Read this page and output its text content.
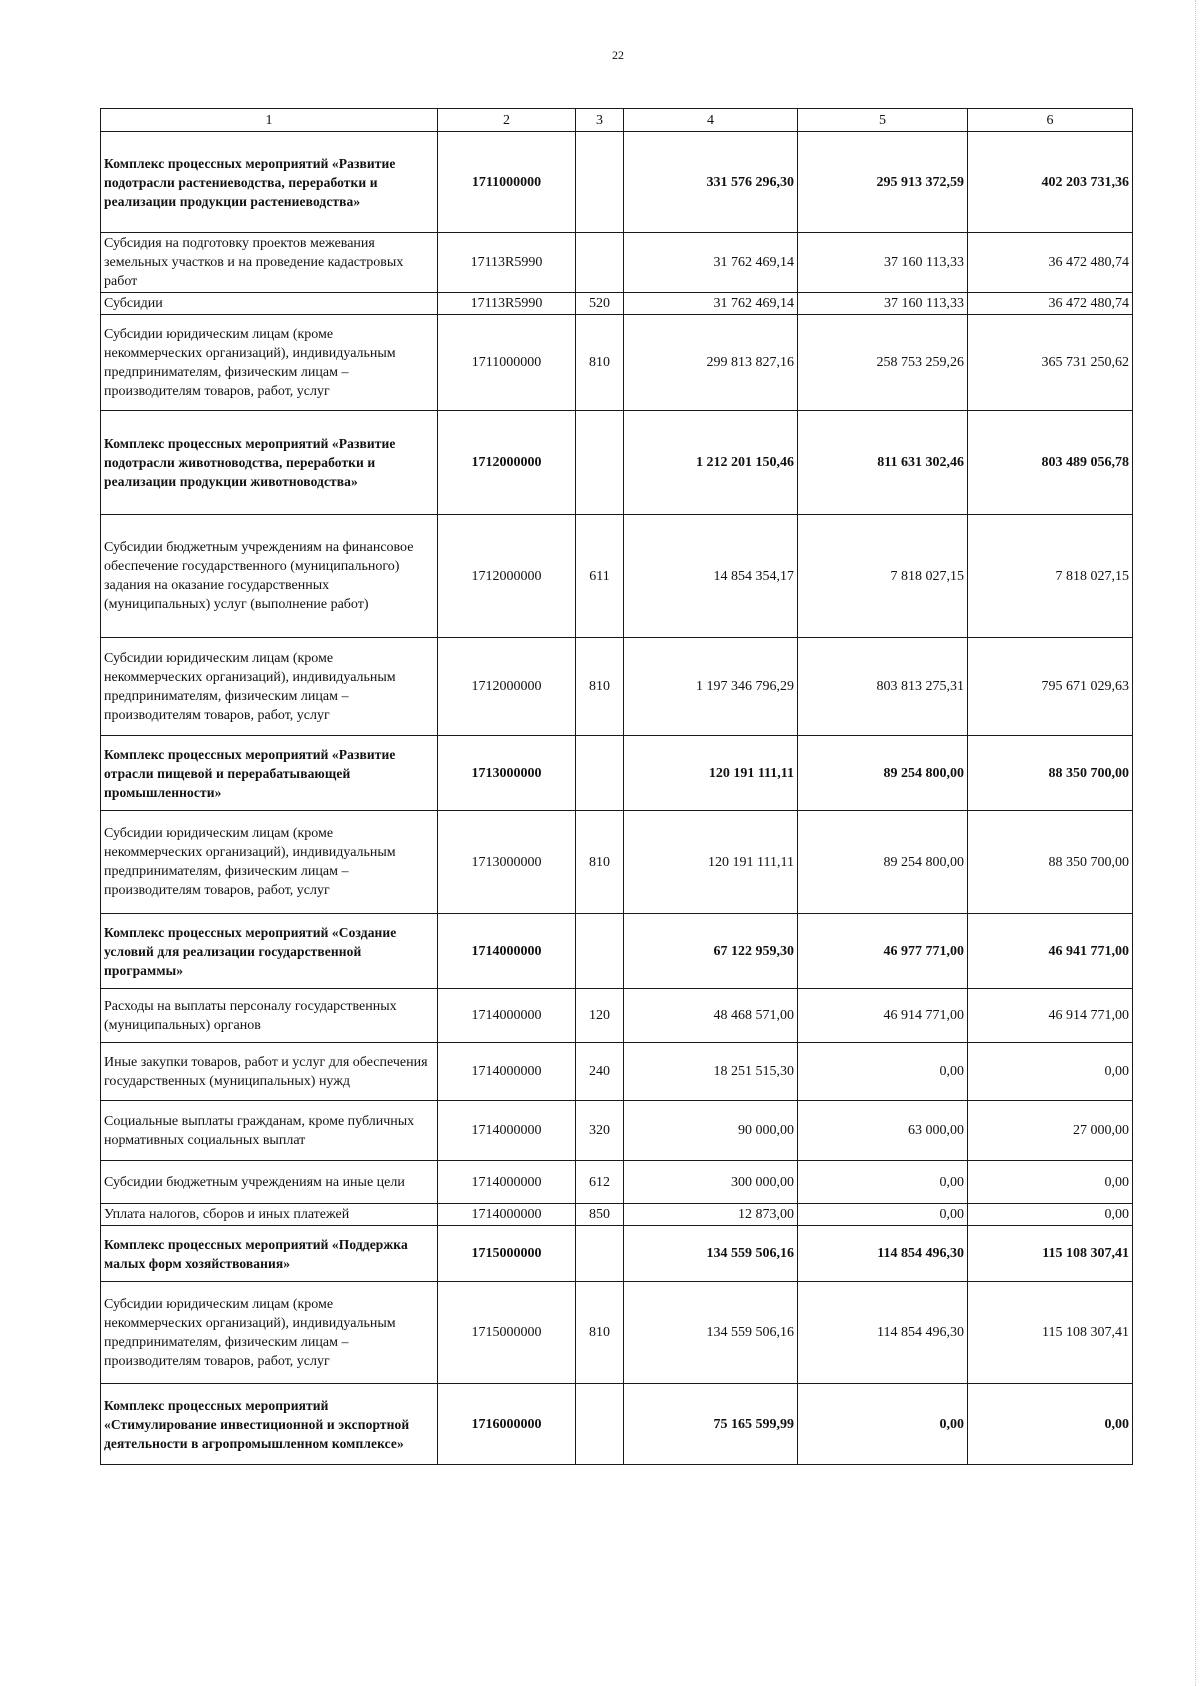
22
1	2	3	4	5	6
Комплекс процессных мероприятий «Развитие подотрасли растениеводства, переработки и реализации продукции растениеводства»	1711000000		331 576 296,30	295 913 372,59	402 203 731,36
Субсидия на подготовку проектов межевания земельных участков и на проведение кадастровых работ	17113R5990		31 762 469,14	37 160 113,33	36 472 480,74
Субсидии	17113R5990	520	31 762 469,14	37 160 113,33	36 472 480,74
Субсидии юридическим лицам (кроме некоммерческих организаций), индивидуальным предпринимателям, физическим лицам – производителям товаров, работ, услуг	1711000000	810	299 813 827,16	258 753 259,26	365 731 250,62
Комплекс процессных мероприятий «Развитие подотрасли животноводства, переработки и реализации продукции животноводства»	1712000000		1 212 201 150,46	811 631 302,46	803 489 056,78
Субсидии бюджетным учреждениям на финансовое обеспечение государственного (муниципального) задания на оказание государственных (муниципальных) услуг (выполнение работ)	1712000000	611	14 854 354,17	7 818 027,15	7 818 027,15
Субсидии юридическим лицам (кроме некоммерческих организаций), индивидуальным предпринимателям, физическим лицам – производителям товаров, работ, услуг	1712000000	810	1 197 346 796,29	803 813 275,31	795 671 029,63
Комплекс процессных мероприятий «Развитие отрасли пищевой и перерабатывающей промышленности»	1713000000		120 191 111,11	89 254 800,00	88 350 700,00
Субсидии юридическим лицам (кроме некоммерческих организаций), индивидуальным предпринимателям, физическим лицам – производителям товаров, работ, услуг	1713000000	810	120 191 111,11	89 254 800,00	88 350 700,00
Комплекс процессных мероприятий «Создание условий для реализации государственной программы»	1714000000		67 122 959,30	46 977 771,00	46 941 771,00
Расходы на выплаты персоналу государственных (муниципальных) органов	1714000000	120	48 468 571,00	46 914 771,00	46 914 771,00
Иные закупки товаров, работ и услуг для обеспечения государственных (муниципальных) нужд	1714000000	240	18 251 515,30	0,00	0,00
Социальные выплаты гражданам, кроме публичных нормативных социальных выплат	1714000000	320	90 000,00	63 000,00	27 000,00
Субсидии бюджетным учреждениям на иные цели	1714000000	612	300 000,00	0,00	0,00
Уплата налогов, сборов и иных платежей	1714000000	850	12 873,00	0,00	0,00
Комплекс процессных мероприятий «Поддержка малых форм хозяйствования»	1715000000		134 559 506,16	114 854 496,30	115 108 307,41
Субсидии юридическим лицам (кроме некоммерческих организаций), индивидуальным предпринимателям, физическим лицам – производителям товаров, работ, услуг	1715000000	810	134 559 506,16	114 854 496,30	115 108 307,41
Комплекс процессных мероприятий «Стимулирование инвестиционной и экспортной деятельности в агропромышленном комплексе»	1716000000		75 165 599,99	0,00	0,00
